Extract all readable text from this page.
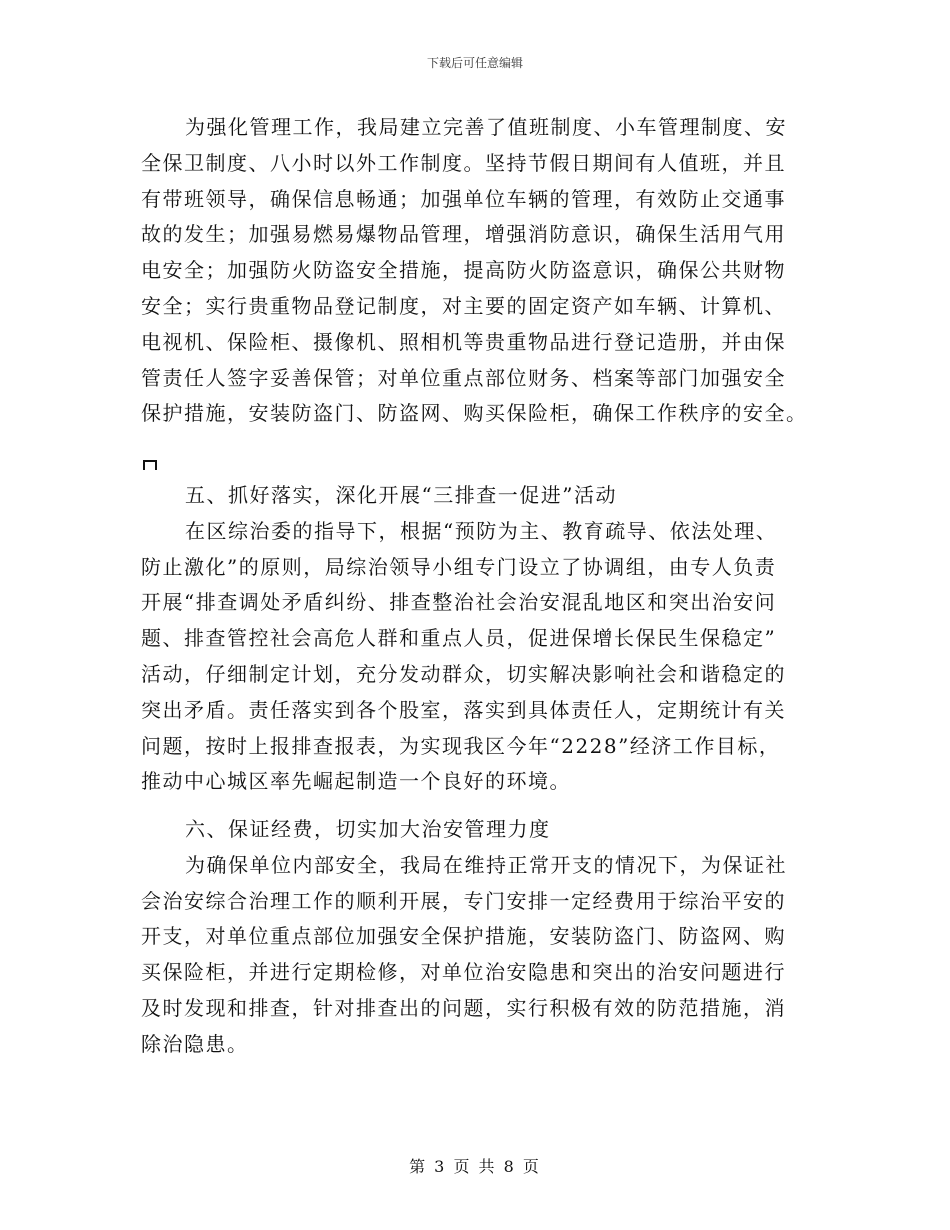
下载后可任意编辑
为强化管理工作，我局建立完善了值班制度、小车管理制度、安
全保卫制度、八小时以外工作制度。坚持节假日期间有人值班，并且
有带班领导，确保信息畅通；加强单位车辆的管理，有效防止交通事
故的发生；加强易燃易爆物品管理，增强消防意识，确保生活用气用
电安全；加强防火防盗安全措施，提高防火防盗意识，确保公共财物
安全；实行贵重物品登记制度，对主要的固定资产如车辆、计算机、
电视机、保险柜、摄像机、照相机等贵重物品进行登记造册，并由保
管责任人签字妥善保管；对单位重点部位财务、档案等部门加强安全
保护措施，安装防盗门、防盗网、购买保险柜，确保工作秩序的安全。
五、抓好落实，深化开展“三排查一促进”活动
在区综治委的指导下，根据“预防为主、教育疏导、依法处理、
防止激化”的原则，局综治领导小组专门设立了协调组，由专人负责
开展“排查调处矛盾纠纷、排查整治社会治安混乱地区和突出治安问
题、排查管控社会高危人群和重点人员，促进保增长保民生保稳定”
活动，仔细制定计划，充分发动群众，切实解决影响社会和谐稳定的
突出矛盾。责任落实到各个股室，落实到具体责任人，定期统计有关
问题，按时上报排查报表，为实现我区今年“2228”经济工作目标，
推动中心城区率先崛起制造一个良好的环境。
六、保证经费，切实加大治安管理力度
为确保单位内部安全，我局在维持正常开支的情况下，为保证社
会治安综合治理工作的顺利开展，专门安排一定经费用于综治平安的
开支，对单位重点部位加强安全保护措施，安装防盗门、防盗网、购
买保险柜，并进行定期检修，对单位治安隐患和突出的治安问题进行
及时发现和排查，针对排查出的问题，实行积极有效的防范措施，消
除治隐患。
第 3 页 共 8 页
